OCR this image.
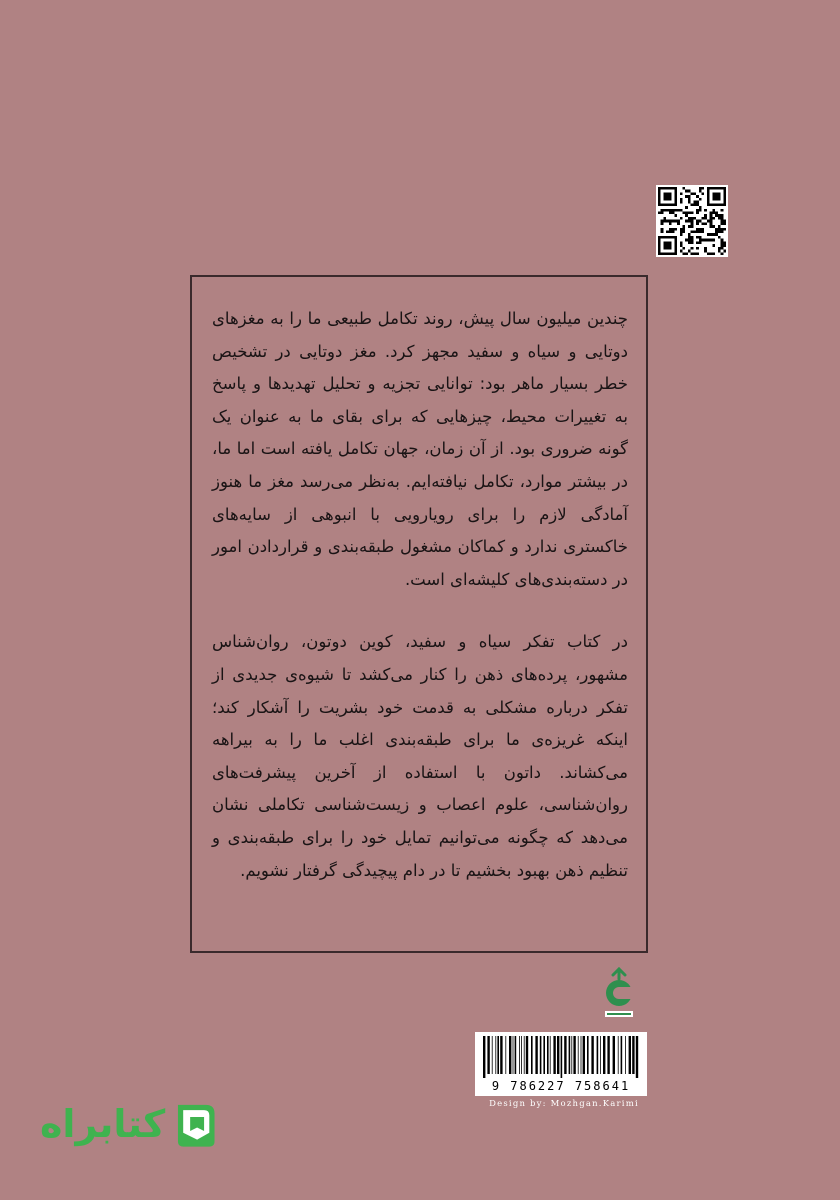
چندین میلیون سال پیش، روند تکامل طبیعی ما را به مغزهای دوتایی و سیاه و سفید مجهز کرد. مغز دوتایی در تشخیص خطر بسیار ماهر بود: توانایی تجزیه و تحلیل تهدیدها و پاسخ به تغییرات محیط، چیزهایی که برای بقای ما به عنوان یک گونه ضروری بود. از آن زمان، جهان تکامل یافته است اما ما، در بیشتر موارد، تکامل نیافته‌ایم. به‌نظر می‌رسد مغز ما هنوز آمادگی لازم را برای رویارویی با انبوهی از سایه‌های خاکستری ندارد و کماکان مشغول طبقه‌بندی و قراردادن امور در دسته‌بندی‌های کلیشه‌ای است.

در کتاب تفکر سیاه و سفید، کوین دوتون، روان‌شناس مشهور، پرده‌های ذهن را کنار می‌کشد تا شیوه‌ی جدیدی از تفکر درباره مشکلی به قدمت خود بشریت را آشکار کند؛ اینکه غریزه‌ی ما برای طبقه‌بندی اغلب ما را به بیراهه می‌کشاند. داتون با استفاده از آخرین پیشرفت‌های روان‌شناسی، علوم اعصاب و زیست‌شناسی تکاملی نشان می‌دهد که چگونه می‌توانیم تمایل خود را برای طبقه‌بندی و تنظیم ذهن بهبود بخشیم تا در دام پیچیدگی گرفتار نشویم.

9 786227 758641
Design by: Mozhgan.Karimi
کتابراه
